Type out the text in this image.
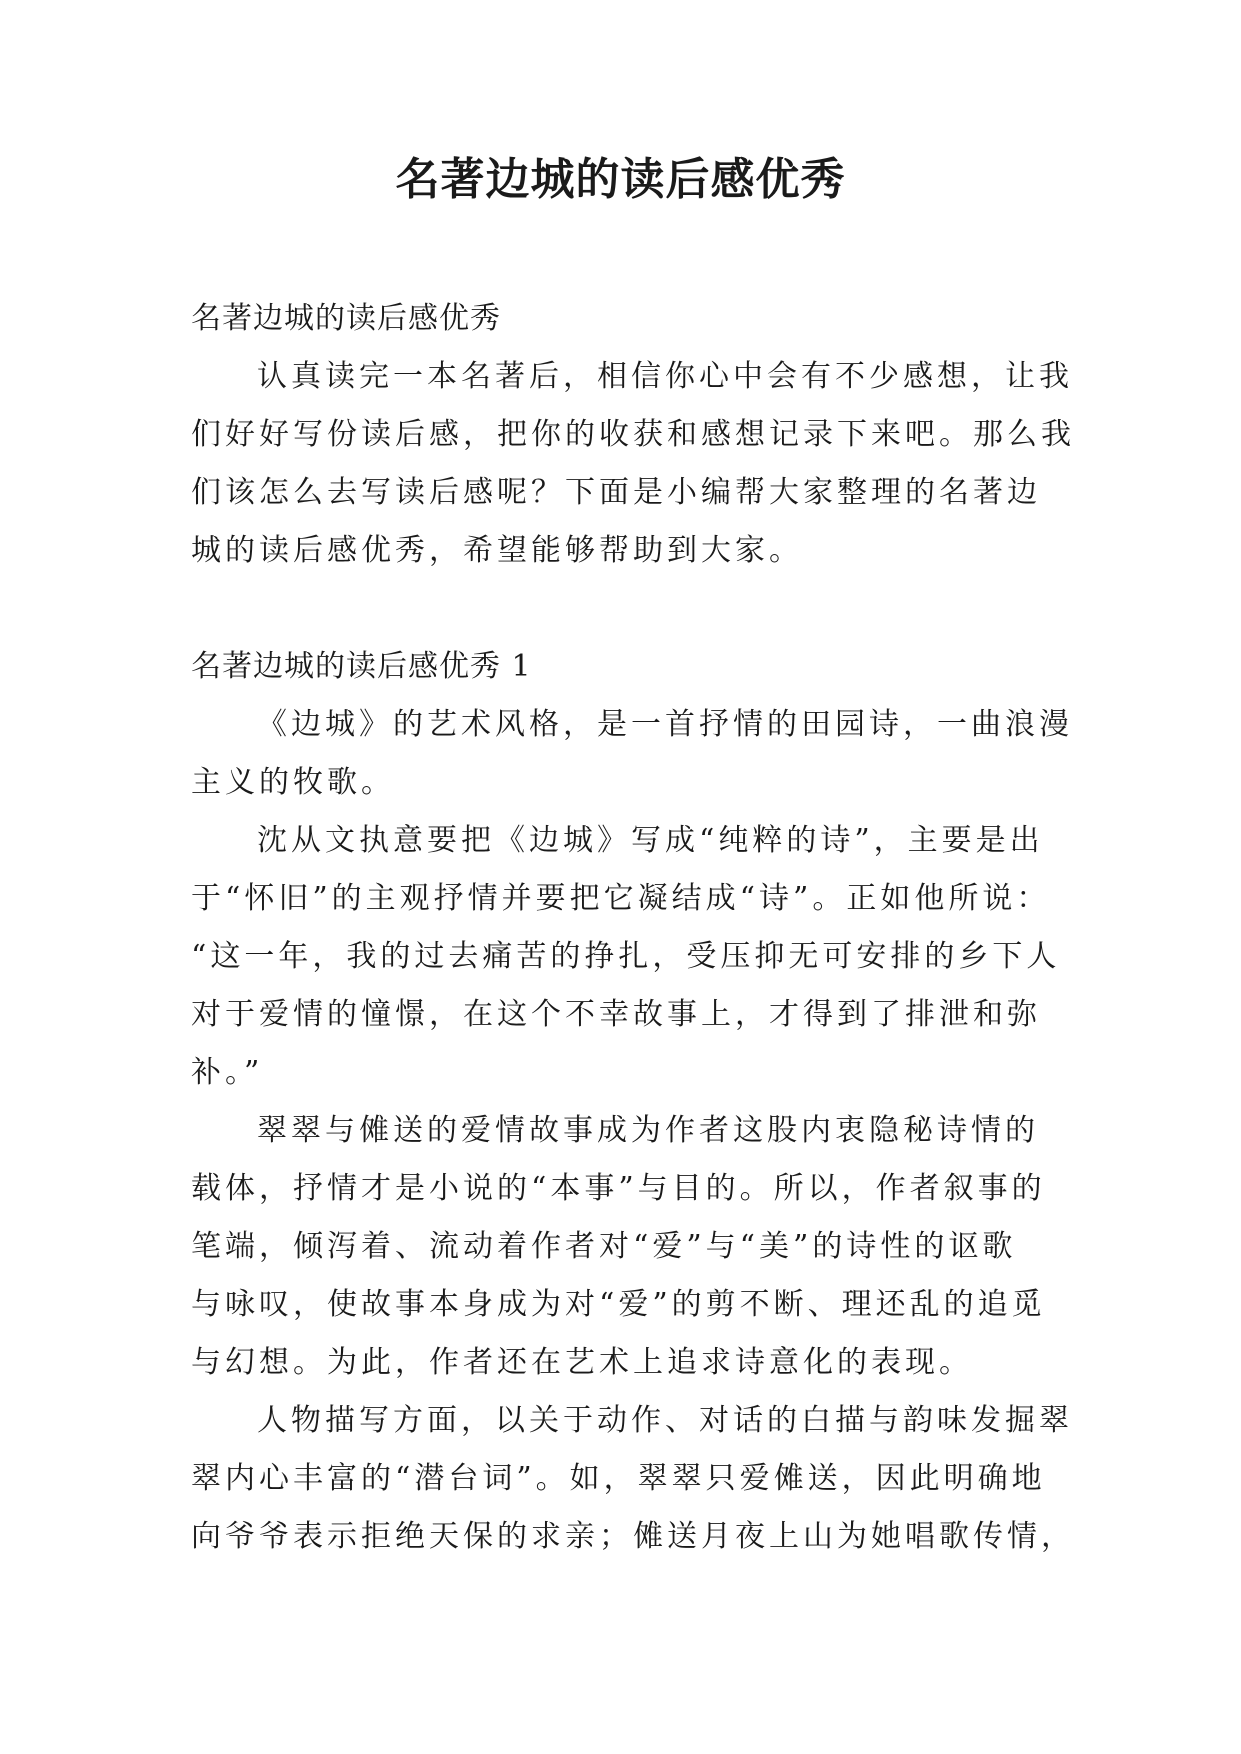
名著边城的读后感优秀

名著边城的读后感优秀

认真读完一本名著后，相信你心中会有不少感想，让我

们好好写份读后感，把你的收获和感想记录下来吧。那么我

们该怎么去写读后感呢？下面是小编帮大家整理的名著边

城的读后感优秀，希望能够帮助到大家。

名著边城的读后感优秀 1

《边城》的艺术风格，是一首抒情的田园诗，一曲浪漫

主义的牧歌。

沈从文执意要把《边城》写成“纯粹的诗”，主要是出

于“怀旧”的主观抒情并要把它凝结成“诗”。正如他所说：

“这一年，我的过去痛苦的挣扎，受压抑无可安排的乡下人

对于爱情的憧憬，在这个不幸故事上，才得到了排泄和弥

补。”

翠翠与傩送的爱情故事成为作者这股内衷隐秘诗情的

载体，抒情才是小说的“本事”与目的。所以，作者叙事的

笔端，倾泻着、流动着作者对“爱”与“美”的诗性的讴歌

与咏叹，使故事本身成为对“爱”的剪不断、理还乱的追觅

与幻想。为此，作者还在艺术上追求诗意化的表现。

人物描写方面，以关于动作、对话的白描与韵味发掘翠

翠内心丰富的“潜台词”。如，翠翠只爱傩送，因此明确地

向爷爷表示拒绝天保的求亲；傩送月夜上山为她唱歌传情，
